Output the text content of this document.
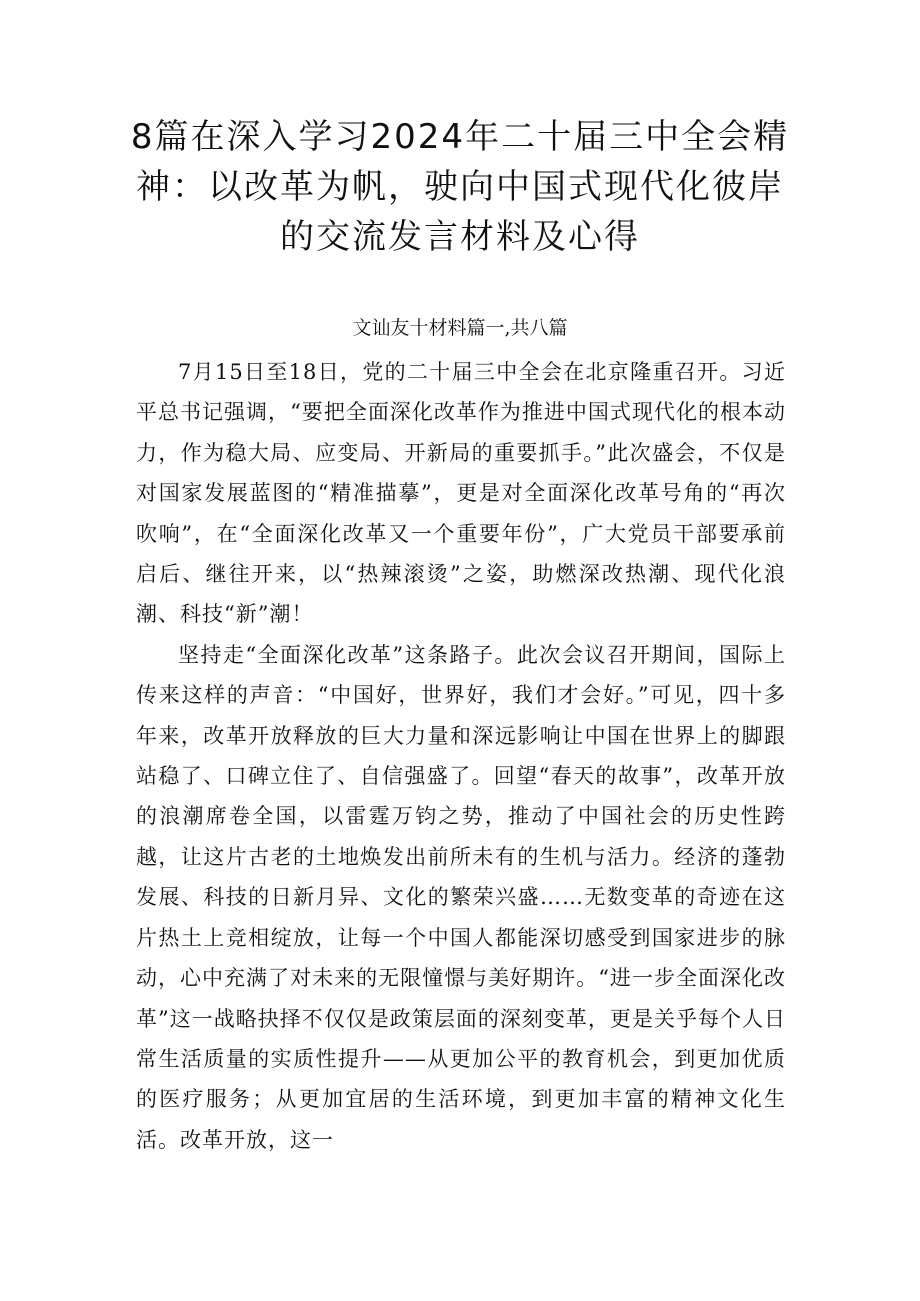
8篇在深入学习2024年二十届三中全会精神：以改革为帆，驶向中国式现代化彼岸的交流发言材料及心得
文讪友十材料篇一,共八篇

7月15日至18日，党的二十届三中全会在北京隆重召开。习近平总书记强调，“要把全面深化改革作为推进中国式现代化的根本动力，作为稳大局、应变局、开新局的重要抓手。”此次盛会，不仅是对国家发展蓝图的“精准描摹”，更是对全面深化改革号角的“再次吹响”，在“全面深化改革又一个重要年份”，广大党员干部要承前启后、继往开来，以“热辣滚烫”之姿，助燃深改热潮、现代化浪潮、科技“新”潮！

坚持走“全面深化改革”这条路子。此次会议召开期间，国际上传来这样的声音：“中国好，世界好，我们才会好。”可见，四十多年来，改革开放释放的巨大力量和深远影响让中国在世界上的脚跟站稳了、口碑立住了、自信强盛了。回望“春天的故事”，改革开放的浪潮席卷全国，以雷霆万钧之势，推动了中国社会的历史性跨越，让这片古老的土地焕发出前所未有的生机与活力。经济的蓬勃发展、科技的日新月异、文化的繁荣兴盛……无数变革的奇迹在这片热土上竞相绽放，让每一个中国人都能深切感受到国家进步的脉动，心中充满了对未来的无限憧憬与美好期许。“进一步全面深化改革”这一战略抉择不仅仅是政策层面的深刻变革，更是关乎每个人日常生活质量的实质性提升——从更加公平的教育机会，到更加优质的医疗服务；从更加宜居的生活环境，到更加丰富的精神文化生活。改革开放，这一
